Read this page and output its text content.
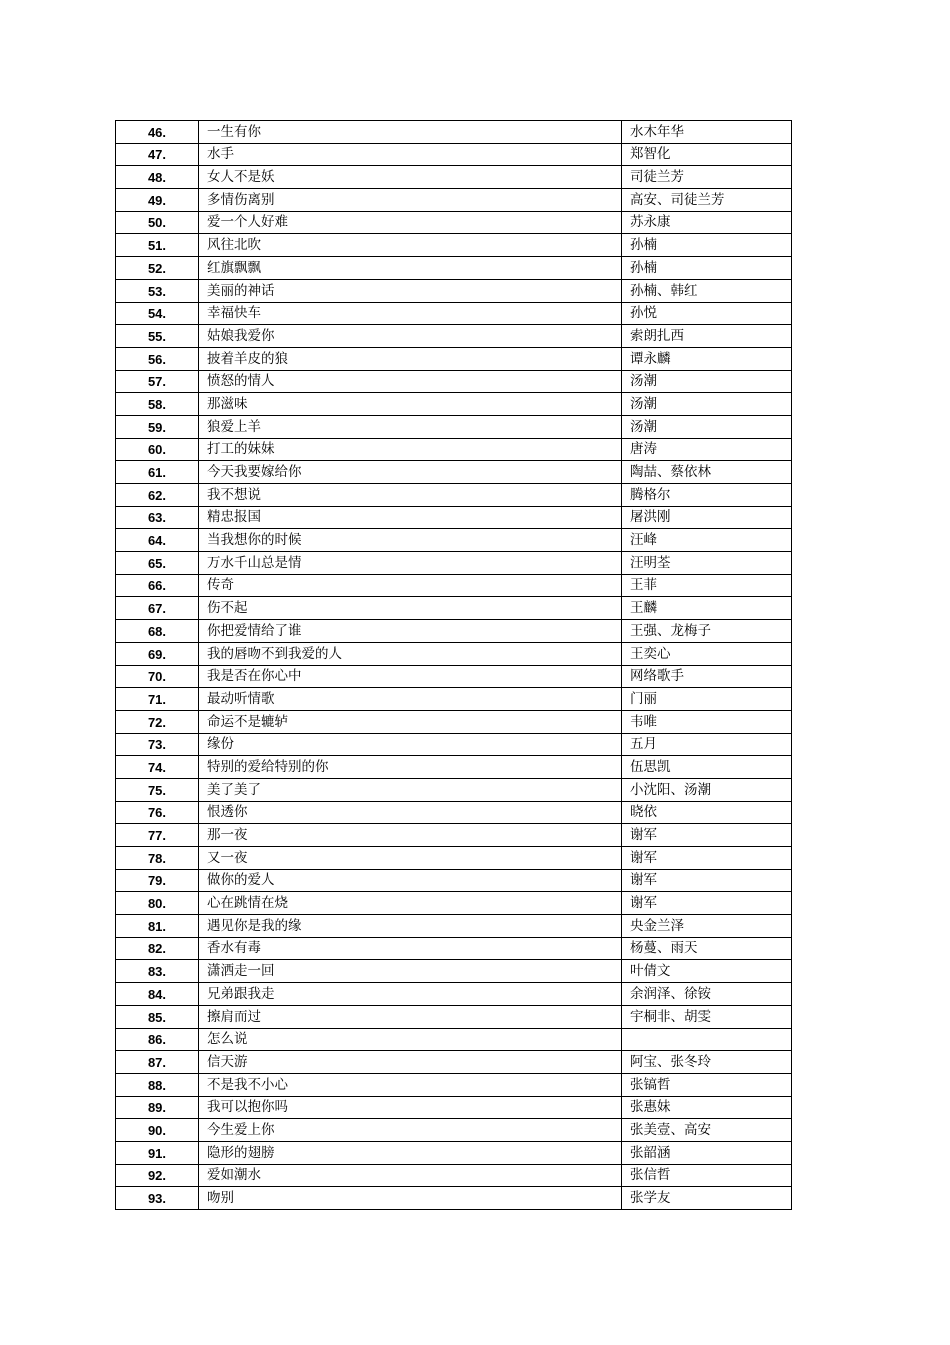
46.	一生有你	水木年华
47.	水手	郑智化
48.	女人不是妖	司徒兰芳
49.	多情伤离别	高安、司徒兰芳
50.	爱一个人好难	苏永康
51.	风往北吹	孙楠
52.	红旗飘飘	孙楠
53.	美丽的神话	孙楠、韩红
54.	幸福快车	孙悦
55.	姑娘我爱你	索朗扎西
56.	披着羊皮的狼	谭永麟
57.	愤怒的情人	汤潮
58.	那滋味	汤潮
59.	狼爱上羊	汤潮
60.	打工的妹妹	唐涛
61.	今天我要嫁给你	陶喆、蔡依林
62.	我不想说	腾格尔
63.	精忠报国	屠洪刚
64.	当我想你的时候	汪峰
65.	万水千山总是情	汪明荃
66.	传奇	王菲
67.	伤不起	王麟
68.	你把爱情给了谁	王强、龙梅子
69.	我的唇吻不到我爱的人	王奕心
70.	我是否在你心中	网络歌手
71.	最动听情歌	门丽
72.	命运不是辘轳	韦唯
73.	缘份	五月
74.	特别的爱给特别的你	伍思凯
75.	美了美了	小沈阳、汤潮
76.	恨透你	晓依
77.	那一夜	谢军
78.	又一夜	谢军
79.	做你的爱人	谢军
80.	心在跳情在烧	谢军
81.	遇见你是我的缘	央金兰泽
82.	香水有毒	杨蔓、雨天
83.	潇洒走一回	叶倩文
84.	兄弟跟我走	余润泽、徐铵
85.	擦肩而过	宇桐非、胡雯
86.	怎么说	
87.	信天游	阿宝、张冬玲
88.	不是我不小心	张镐哲
89.	我可以抱你吗	张惠妹
90.	今生爱上你	张美壹、高安
91.	隐形的翅膀	张韶涵
92.	爱如潮水	张信哲
93.	吻别	张学友
